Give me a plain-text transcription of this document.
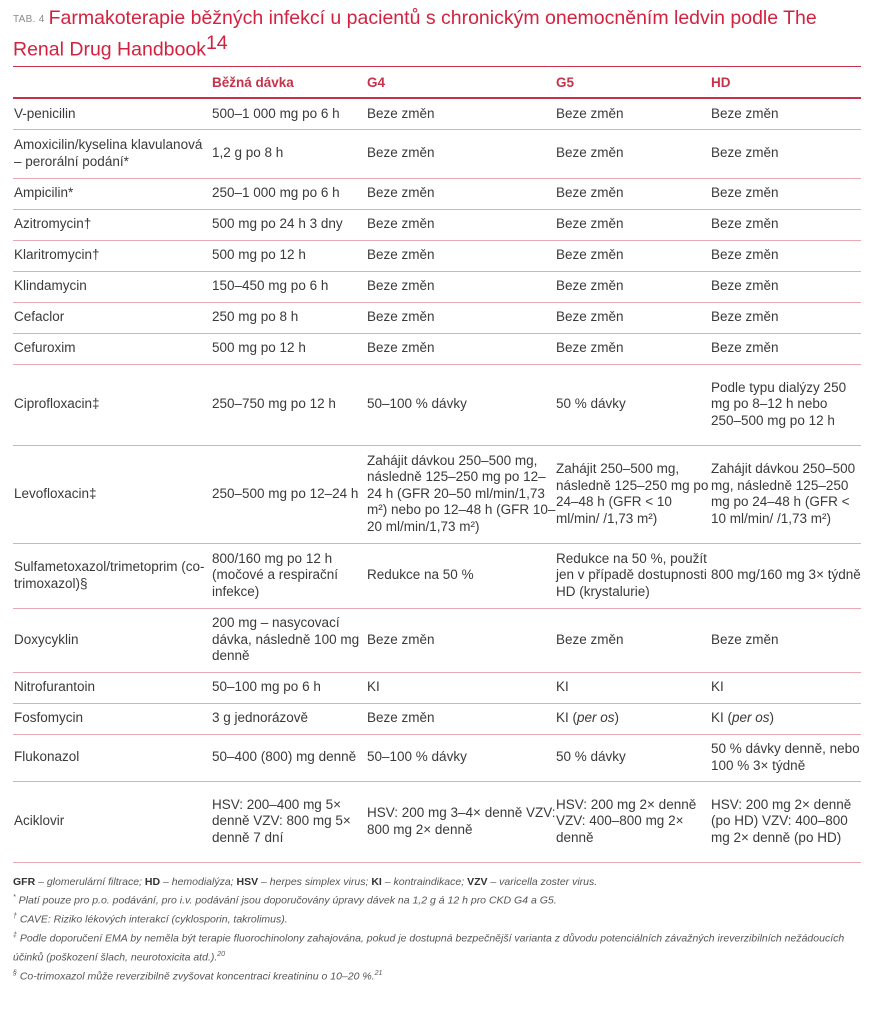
TAB. 4 Farmakoterapie běžných infekcí u pacientů s chronickým onemocněním ledvin podle The Renal Drug Handbook$^{14}$
	Běžná dávka	G4	G5	HD
V-penicilin	500–1 000 mg po 6 h	Beze změn	Beze změn	Beze změn
Amoxicilin/kyselina klavulanová – perorální podání*	1,2 g po 8 h	Beze změn	Beze změn	Beze změn
Ampicilin*	250–1 000 mg po 6 h	Beze změn	Beze změn	Beze změn
Azitromycin†	500 mg po 24 h 3 dny	Beze změn	Beze změn	Beze změn
Klaritromycin†	500 mg po 12 h	Beze změn	Beze změn	Beze změn
Klindamycin	150–450 mg po 6 h	Beze změn	Beze změn	Beze změn
Cefaclor	250 mg po 8 h	Beze změn	Beze změn	Beze změn
Cefuroxim	500 mg po 12 h	Beze změn	Beze změn	Beze změn
Ciprofloxacin‡	250–750 mg po 12 h	50–100 % dávky	50 % dávky	Podle typu dialýzy 250 mg po 8–12 h nebo 250–500 mg po 12 h
Levofloxacin‡	250–500 mg po 12–24 h	Zahájit dávkou 250–500 mg, následně 125–250 mg po 12–24 h (GFR 20–50 ml/min/1,73 m²) nebo po 12–48 h (GFR 10–20 ml/min/1,73 m²)	Zahájit 250–500 mg, následně 125–250 mg po 24–48 h (GFR < 10 ml/min/ /1,73 m²)	Zahájit dávkou 250–500 mg, následně 125–250 mg po 24–48 h (GFR < 10 ml/min/ /1,73 m²)
Sulfametoxazol/trimetoprim (co-trimoxazol)§	800/160 mg po 12 h (močové a respirační infekce)	Redukce na 50 %	Redukce na 50 %, použít jen v případě dostupnosti HD (krystalurie)	800 mg/160 mg 3× týdně
Doxycyklin	200 mg – nasycovací dávka, následně 100 mg denně	Beze změn	Beze změn	Beze změn
Nitrofurantoin	50–100 mg po 6 h	KI	KI	KI
Fosfomycin	3 g jednorázově	Beze změn	KI (per os)	KI (per os)
Flukonazol	50–400 (800) mg denně	50–100 % dávky	50 % dávky	50 % dávky denně, nebo 100 % 3× týdně
Aciklovir	HSV: 200–400 mg 5× denně VZV: 800 mg 5× denně 7 dní	HSV: 200 mg 3–4× denně VZV: 800 mg 2× denně	HSV: 200 mg 2× denně VZV: 400–800 mg 2× denně	HSV: 200 mg 2× denně (po HD) VZV: 400–800 mg 2× denně (po HD)

GFR – glomerulární filtrace; HD – hemodialýza; HSV – herpes simplex virus; KI – kontraindikace; VZV – varicella zoster virus.

* Platí pouze pro p.o. podávání, pro i.v. podávání jsou doporučovány úpravy dávek na 1,2 g á 12 h pro CKD G4 a G5.

† CAVE: Riziko lékových interakcí (cyklosporin, takrolimus).

‡ Podle doporučení EMA by neměla být terapie fluorochinolony zahajována, pokud je dostupná bezpečnější varianta z důvodu potenciálních závažných ireverzibilních nežádoucích účinků (poškození šlach, neurotoxicita atd.).$^{20}$

§ Co-trimoxazol může reverzibilně zvyšovat koncentraci kreatininu o 10–20 %.$^{21}$
